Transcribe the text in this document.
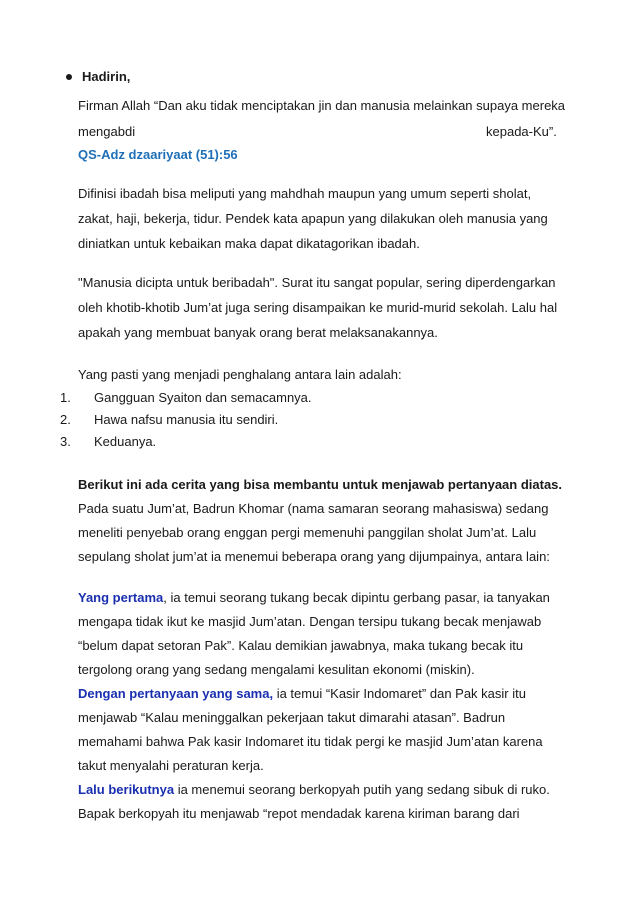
Hadirin,
Firman Allah “Dan aku tidak menciptakan jin dan manusia melainkan supaya mereka
mengabdi	kepada-Ku”.
QS-Adz dzaariyaat (51):56
Difinisi ibadah bisa meliputi yang mahdhah maupun yang umum seperti sholat,
zakat, haji, bekerja, tidur. Pendek kata apapun yang dilakukan oleh manusia yang
diniatkan untuk kebaikan maka dapat dikatagorikan ibadah.
"Manusia dicipta untuk beribadah". Surat itu sangat popular, sering diperdengarkan
oleh khotib-khotib Jum’at juga sering disampaikan ke murid-murid sekolah. Lalu hal
apakah yang membuat banyak orang berat melaksanakannya.
Yang pasti yang menjadi penghalang antara lain adalah:
1. Gangguan Syaiton dan semacamnya.
2. Hawa nafsu manusia itu sendiri.
3. Keduanya.
Berikut ini ada cerita yang bisa membantu untuk menjawab pertanyaan diatas.
Pada suatu Jum’at, Badrun Khomar (nama samaran seorang mahasiswa) sedang
meneliti penyebab orang enggan pergi memenuhi panggilan sholat Jum’at. Lalu
sepulang sholat jum’at ia menemui beberapa orang yang dijumpainya, antara lain:
Yang pertama, ia temui seorang tukang becak dipintu gerbang pasar, ia tanyakan
mengapa tidak ikut ke masjid Jum’atan. Dengan tersipu tukang becak menjawab
“belum dapat setoran Pak”. Kalau demikian jawabnya, maka tukang becak itu
tergolong orang yang sedang mengalami kesulitan ekonomi (miskin).
Dengan pertanyaan yang sama, ia temui “Kasir Indomaret” dan Pak kasir itu
menjawab “Kalau meninggalkan pekerjaan takut dimarahi atasan”. Badrun
memahami bahwa Pak kasir Indomaret itu tidak pergi ke masjid Jum’atan karena
takut menyalahi peraturan kerja.
Lalu berikutnya ia menemui seorang berkopyah putih yang sedang sibuk di ruko.
Bapak berkopyah itu menjawab “repot mendadak karena kiriman barang dari
